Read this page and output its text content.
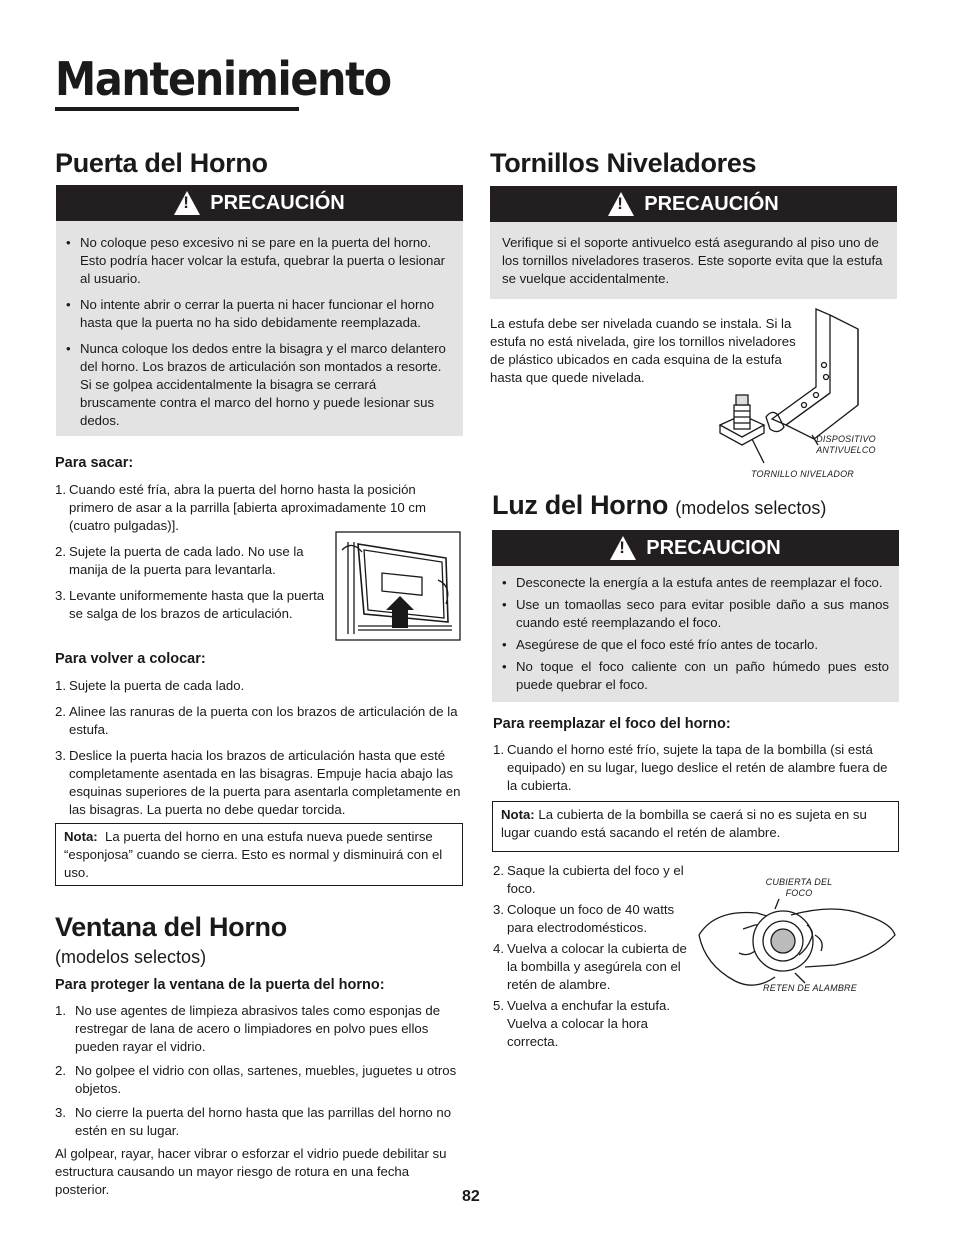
Mantenimiento
Puerta del Horno
!
PRECAUCIÓN
• No coloque peso excesivo ni se pare en la puerta del horno. Esto podría hacer volcar la estufa, quebrar la puerta o lesionar al usuario.
• No intente abrir o cerrar la puerta ni hacer funcionar el horno hasta que la puerta no ha sido debidamente reemplazada.
• Nunca coloque los dedos entre la bisagra y el marco delantero del horno. Los brazos de articulación son montados a resorte. Si se golpea accidentalmente la bisagra se cerrará bruscamente contra el marco del horno y puede lesionar sus dedos.
Para sacar:
1. Cuando esté fría, abra la puerta del horno hasta la posición primero de asar a la parrilla [abierta aproximadamente 10 cm (cuatro pulgadas)].
2. Sujete la puerta de cada lado. No use la manija de la puerta para levantarla.
3. Levante uniformemente hasta que la puerta se salga de los brazos de articulación.
Para volver a colocar:
1. Sujete la puerta de cada lado.
2. Alinee las ranuras de la puerta con los brazos de articulación de la estufa.
3. Deslice la puerta hacia los brazos de articulación hasta que esté completamente asentada en las bisagras. Empuje hacia abajo las esquinas superiores de la puerta para asentarla completamente en las bisagras. La puerta no debe quedar torcida.
Nota: La puerta del horno en una estufa nueva puede sentirse “esponjosa” cuando se cierra. Esto es normal y disminuirá con el uso.
Ventana del Horno
(modelos selectos)
Para proteger la ventana de la puerta del horno:
1. No use agentes de limpieza abrasivos tales como esponjas de restregar de lana de acero o limpiadores en polvo pues ellos pueden rayar el vidrio.
2. No golpee el vidrio con ollas, sartenes, muebles, juguetes u otros objetos.
3. No cierre la puerta del horno hasta que las parrillas del horno no estén en su lugar.
Al golpear, rayar, hacer vibrar o esforzar el vidrio puede debilitar su estructura causando un mayor riesgo de rotura en una fecha posterior.
Tornillos Niveladores
!
PRECAUCIÓN
Verifique si el soporte antivuelco está asegurando al piso uno de los tornillos niveladores traseros. Este soporte evita que la estufa se vuelque accidentalmente.
La estufa debe ser nivelada cuando se instala. Si la estufa no está nivelada, gire los tornillos niveladores de plástico ubicados en cada esquina de la estufa hasta que quede nivelada.
DISPOSITIVO
ANTIVUELCO
TORNILLO NIVELADOR
Luz del Horno (modelos selectos)
!
PRECAUCION
• Desconecte la energía a la estufa antes de reemplazar el foco.
• Use un tomaollas seco para evitar posible daño a sus manos cuando esté reemplazando el foco.
• Asegúrese de que el foco esté frío antes de tocarlo.
• No toque el foco caliente con un paño húmedo pues esto puede quebrar el foco.
Para reemplazar el foco del horno:
1. Cuando el horno esté frío, sujete la tapa de la bombilla (si está equipado) en su lugar, luego deslice el retén de alambre fuera de la cubierta.
Nota: La cubierta de la bombilla se caerá si no es sujeta en su lugar cuando está sacando el retén de alambre.
2. Saque la cubierta del foco y el foco.
3. Coloque un foco de 40 watts para electrodomésticos.
4. Vuelva a colocar la cubierta de la bombilla y asegúrela con el retén de alambre.
5. Vuelva a enchufar la estufa. Vuelva a colocar la hora correcta.
CUBIERTA DEL
FOCO
RETEN DE ALAMBRE
82
